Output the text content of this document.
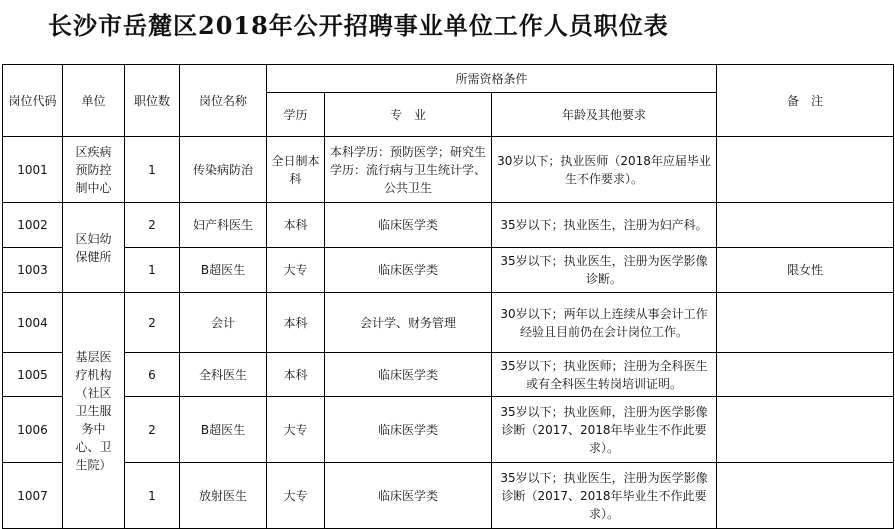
长沙市岳麓区2018年公开招聘事业单位工作人员职位表
岗位代码	单位	职位数	岗位名称	所需资格条件			备　注
				学历	专　业	年龄及其他要求	
1001	区疾病预防控制中心	1	传染病防治	全日制本科	本科学历：预防医学；研究生学历：流行病与卫生统计学、公共卫生	30岁以下；执业医师（2018年应届毕业生不作要求）。	
1002	区妇幼保健所	2	妇产科医生	本科	临床医学类	35岁以下；执业医生，注册为妇产科。	
1003		1	B超医生	大专	临床医学类	35岁以下；执业医生，注册为医学影像诊断。	限女性
1004	基层医疗机构（社区卫生服务中心、卫生院）	2	会计	本科	会计学、财务管理	30岁以下；两年以上连续从事会计工作经验且目前仍在会计岗位工作。	
1005		6	全科医生	本科	临床医学类	35岁以下；执业医师；注册为全科医生或有全科医生转岗培训证明。	
1006		2	B超医生	大专	临床医学类	35岁以下；执业医师，注册为医学影像诊断（2017、2018年毕业生不作此要求）。	
1007		1	放射医生	大专	临床医学类	35岁以下；执业医生，注册为医学影像诊断（2017、2018年毕业生不作此要求）。	
